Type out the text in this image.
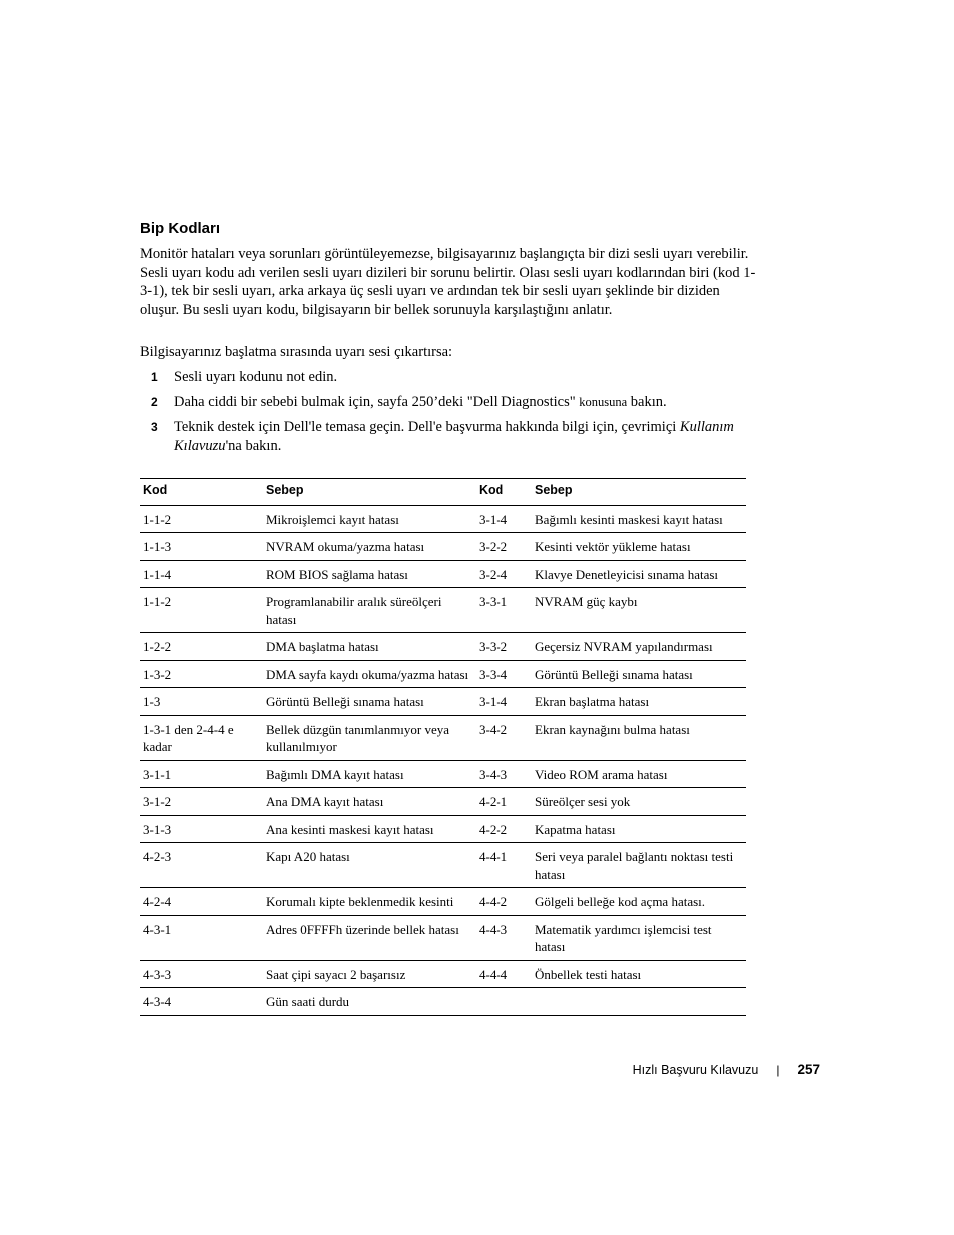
Bip Kodları

Monitör hataları veya sorunları görüntüleyemezse, bilgisayarınız başlangıçta bir dizi sesli uyarı verebilir. Sesli uyarı kodu adı verilen sesli uyarı dizileri bir sorunu belirtir. Olası sesli uyarı kodlarından biri (kod 1-3-1), tek bir sesli uyarı, arka arkaya üç sesli uyarı ve ardından tek bir sesli uyarı şeklinde bir diziden oluşur. Bu sesli uyarı kodu, bilgisayarın bir bellek sorunuyla karşılaştığını anlatır.

Bilgisayarınız başlatma sırasında uyarı sesi çıkartırsa:

1 Sesli uyarı kodunu not edin.
2 Daha ciddi bir sebebi bulmak için, sayfa 250’deki "Dell Diagnostics" konusuna bakın.
3 Teknik destek için Dell'le temasa geçin. Dell'e başvurma hakkında bilgi için, çevrimiçi Kullanım Kılavuzu'na bakın.
Kod	Sebep	Kod	Sebep
1-1-2	Mikroişlemci kayıt hatası	3-1-4	Bağımlı kesinti maskesi kayıt hatası
1-1-3	NVRAM okuma/yazma hatası	3-2-2	Kesinti vektör yükleme hatası
1-1-4	ROM BIOS sağlama hatası	3-2-4	Klavye Denetleyicisi sınama hatası
1-1-2	Programlanabilir aralık süreölçeri hatası	3-3-1	NVRAM güç kaybı
1-2-2	DMA başlatma hatası	3-3-2	Geçersiz NVRAM yapılandırması
1-3-2	DMA sayfa kaydı okuma/yazma hatası	3-3-4	Görüntü Belleği sınama hatası
1-3	Görüntü Belleği sınama hatası	3-1-4	Ekran başlatma hatası
1-3-1 den 2-4-4 e kadar	Bellek düzgün tanımlanmıyor veya kullanılmıyor	3-4-2	Ekran kaynağını bulma hatası
3-1-1	Bağımlı DMA kayıt hatası	3-4-3	Video ROM arama hatası
3-1-2	Ana DMA kayıt hatası	4-2-1	Süreölçer sesi yok
3-1-3	Ana kesinti maskesi kayıt hatası	4-2-2	Kapatma hatası
4-2-3	Kapı A20 hatası	4-4-1	Seri veya paralel bağlantı noktası testi hatası
4-2-4	Korumalı kipte beklenmedik kesinti	4-4-2	Gölgeli belleğe kod açma hatası.
4-3-1	Adres 0FFFFh üzerinde bellek hatası	4-4-3	Matematik yardımcı işlemcisi test hatası
4-3-3	Saat çipi sayacı 2 başarısız	4-4-4	Önbellek testi hatası
4-3-4	Gün saati durdu		
Hızlı Başvuru Kılavuzu | 257
